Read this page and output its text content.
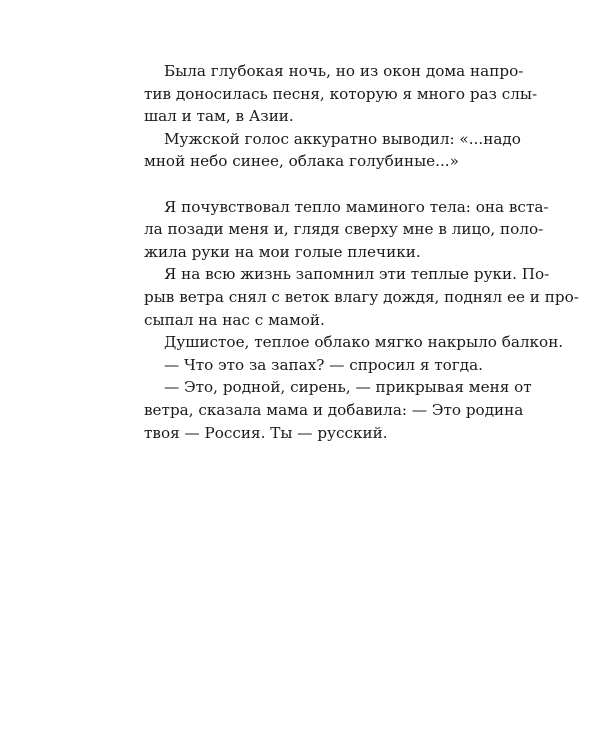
Была глубокая ночь, но из окон дома напро-
тив доносилась песня, которую я много раз слы-
шал и там, в Азии.
Мужской голос аккуратно выводил: «...надо
мной небо синее, облака голубиные...»
Я почувствовал тепло маминого тела: она вста-
ла позади меня и, глядя сверху мне в лицо, поло-
жила руки на мои голые плечики.
Я на всю жизнь запомнил эти теплые руки. По-
рыв ветра снял с веток влагу дождя, поднял ее и про-
сыпал на нас с мамой.
Душистое, теплое облако мягко накрыло балкон.
— Что это за запах? — спросил я тогда.
— Это, родной, сирень, — прикрывая меня от
ветра, сказала мама и добавила: — Это родина
твоя — Россия. Ты — русский.
